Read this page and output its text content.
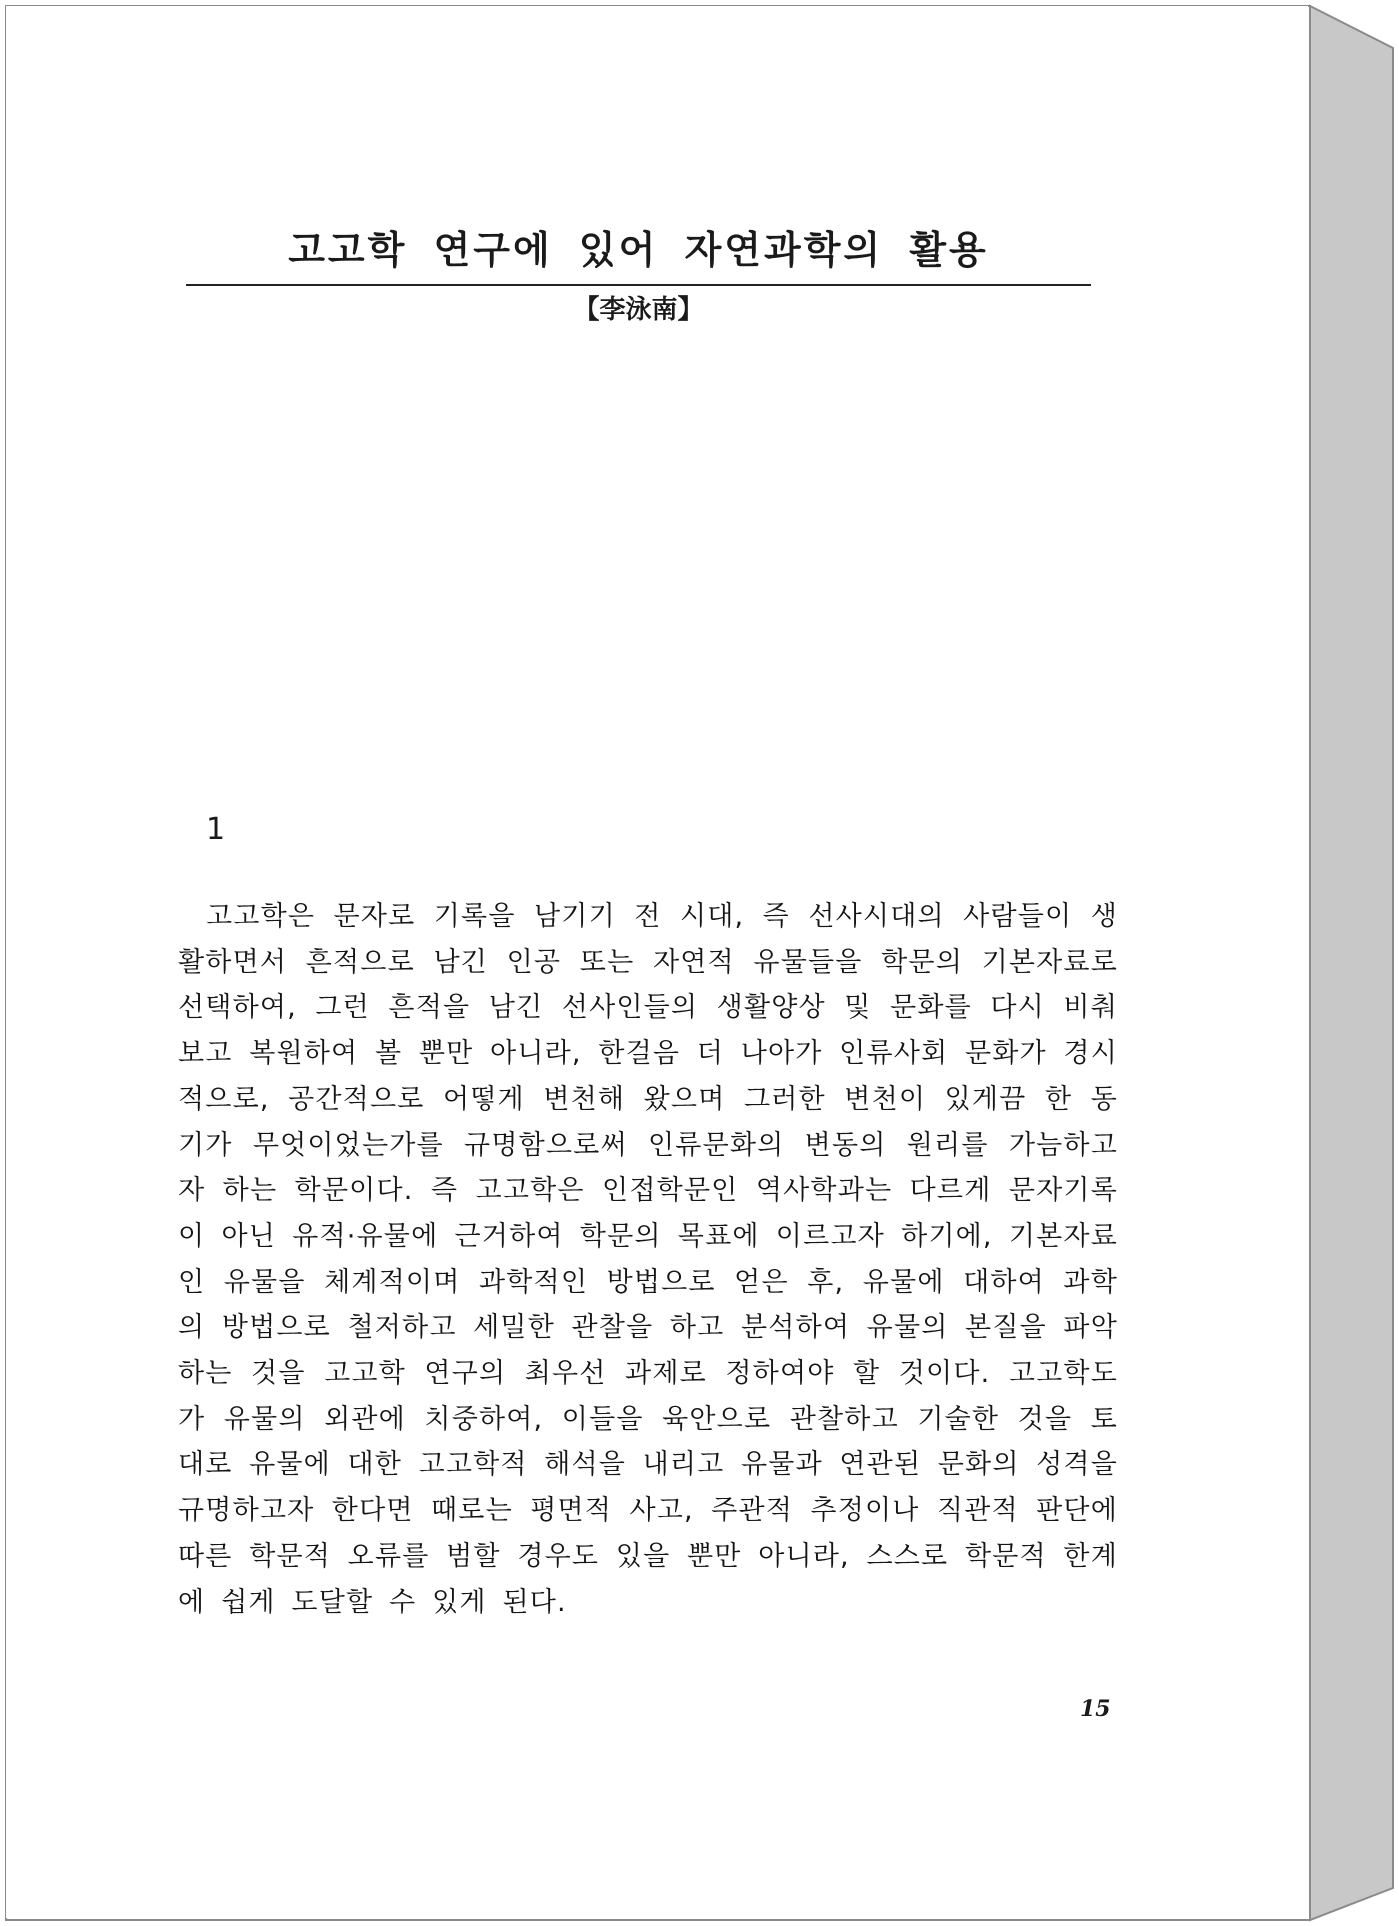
고고학 연구에 있어 자연과학의 활용
【李泳南】
1

고고학은 문자로 기록을 남기기 전 시대, 즉 선사시대의 사람들이 생활하면서 흔적으로 남긴 인공 또는 자연적 유물들을 학문의 기본자료로 선택하여, 그런 흔적을 남긴 선사인들의 생활양상 및 문화를 다시 비춰보고 복원하여 볼 뿐만 아니라, 한걸음 더 나아가 인류사회 문화가 경시적으로, 공간적으로 어떻게 변천해 왔으며 그러한 변천이 있게끔 한 동기가 무엇이었는가를 규명함으로써 인류문화의 변동의 원리를 가늠하고자 하는 학문이다. 즉 고고학은 인접학문인 역사학과는 다르게 문자기록이 아닌 유적·유물에 근거하여 학문의 목표에 이르고자 하기에, 기본자료인 유물을 체계적이며 과학적인 방법으로 얻은 후, 유물에 대하여 과학의 방법으로 철저하고 세밀한 관찰을 하고 분석하여 유물의 본질을 파악하는 것을 고고학 연구의 최우선 과제로 정하여야 할 것이다. 고고학도가 유물의 외관에 치중하여, 이들을 육안으로 관찰하고 기술한 것을 토대로 유물에 대한 고고학적 해석을 내리고 유물과 연관된 문화의 성격을 규명하고자 한다면 때로는 평면적 사고, 주관적 추정이나 직관적 판단에 따른 학문적 오류를 범할 경우도 있을 뿐만 아니라, 스스로 학문적 한계에 쉽게 도달할 수 있게 된다.

15
